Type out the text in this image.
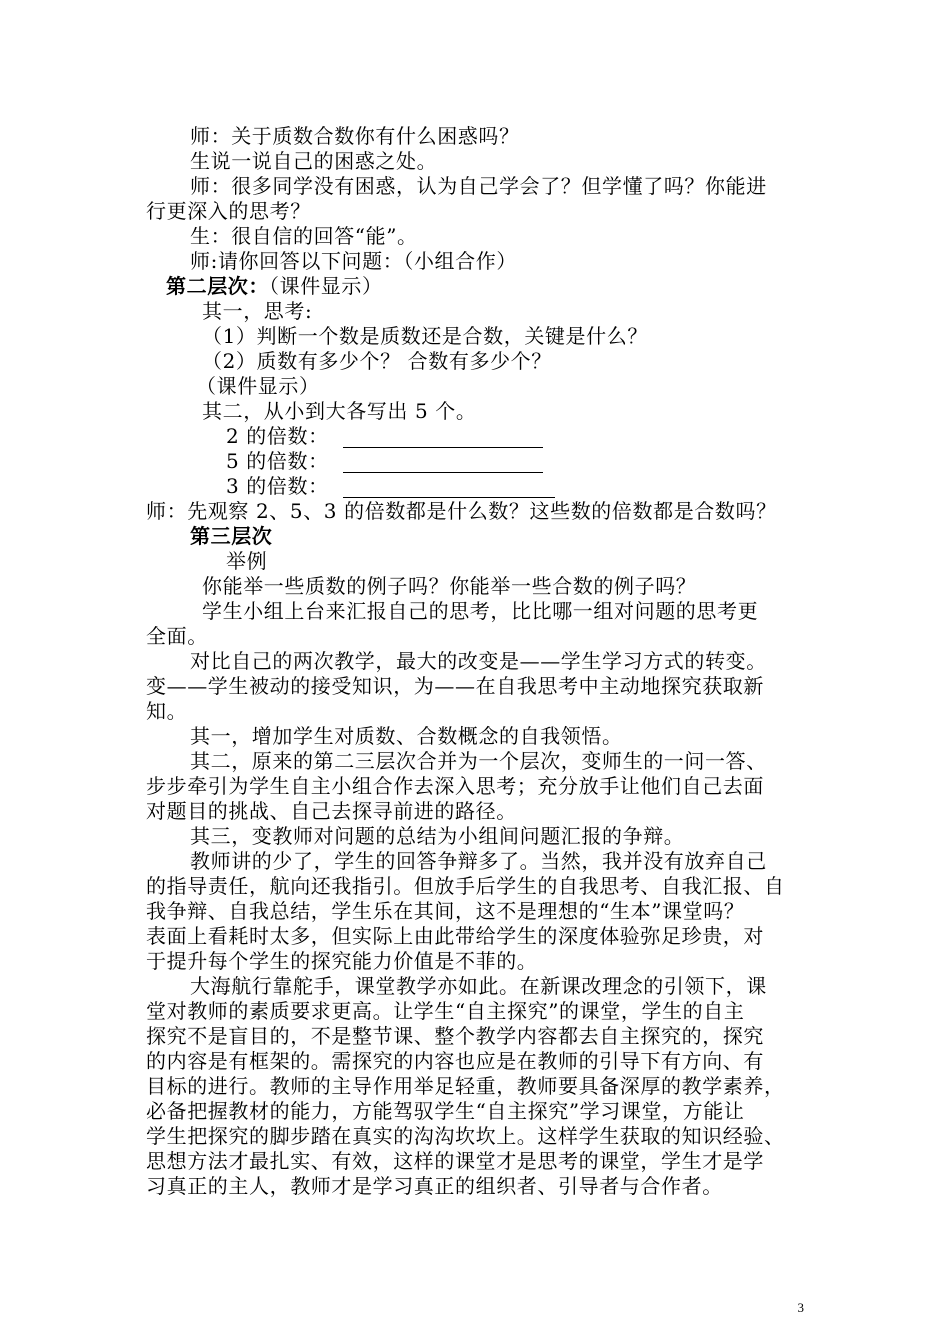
师：关于质数合数你有什么困惑吗？
生说一说自己的困惑之处。
师：很多同学没有困惑，认为自己学会了？但学懂了吗？你能进
行更深入的思考？
生：很自信的回答“能”。
师:请你回答以下问题：（小组合作）
第二层次：（课件显示）
其一，思考:
（1）判断一个数是质数还是合数，关键是什么？
（2）质数有多少个？ 合数有多少个？
（课件显示）
其二，从小到大各写出 5 个。
2 的倍数：
5 的倍数：
3 的倍数：
师：先观察 2、5、3 的倍数都是什么数？这些数的倍数都是合数吗？
第三层次
举例
你能举一些质数的例子吗？你能举一些合数的例子吗？
学生小组上台来汇报自己的思考，比比哪一组对问题的思考更
全面。
对比自己的两次教学，最大的改变是——学生学习方式的转变。
变——学生被动的接受知识，为——在自我思考中主动地探究获取新
知。
其一，增加学生对质数、合数概念的自我领悟。
其二，原来的第二三层次合并为一个层次，变师生的一问一答、
步步牵引为学生自主小组合作去深入思考；充分放手让他们自己去面
对题目的挑战、自己去探寻前进的路径。
其三，变教师对问题的总结为小组间问题汇报的争辩。
教师讲的少了，学生的回答争辩多了。当然，我并没有放弃自己
的指导责任，航向还我指引。但放手后学生的自我思考、自我汇报、自
我争辩、自我总结，学生乐在其间，这不是理想的“生本”课堂吗？
表面上看耗时太多，但实际上由此带给学生的深度体验弥足珍贵，对
于提升每个学生的探究能力价值是不菲的。
大海航行靠舵手，课堂教学亦如此。在新课改理念的引领下，课
堂对教师的素质要求更高。让学生“自主探究”的课堂，学生的自主
探究不是盲目的，不是整节课、整个教学内容都去自主探究的，探究
的内容是有框架的。需探究的内容也应是在教师的引导下有方向、有
目标的进行。教师的主导作用举足轻重，教师要具备深厚的教学素养，
必备把握教材的能力，方能驾驭学生“自主探究”学习课堂，方能让
学生把探究的脚步踏在真实的沟沟坎坎上。这样学生获取的知识经验、
思想方法才最扎实、有效，这样的课堂才是思考的课堂，学生才是学
习真正的主人，教师才是学习真正的组织者、引导者与合作者。
3
